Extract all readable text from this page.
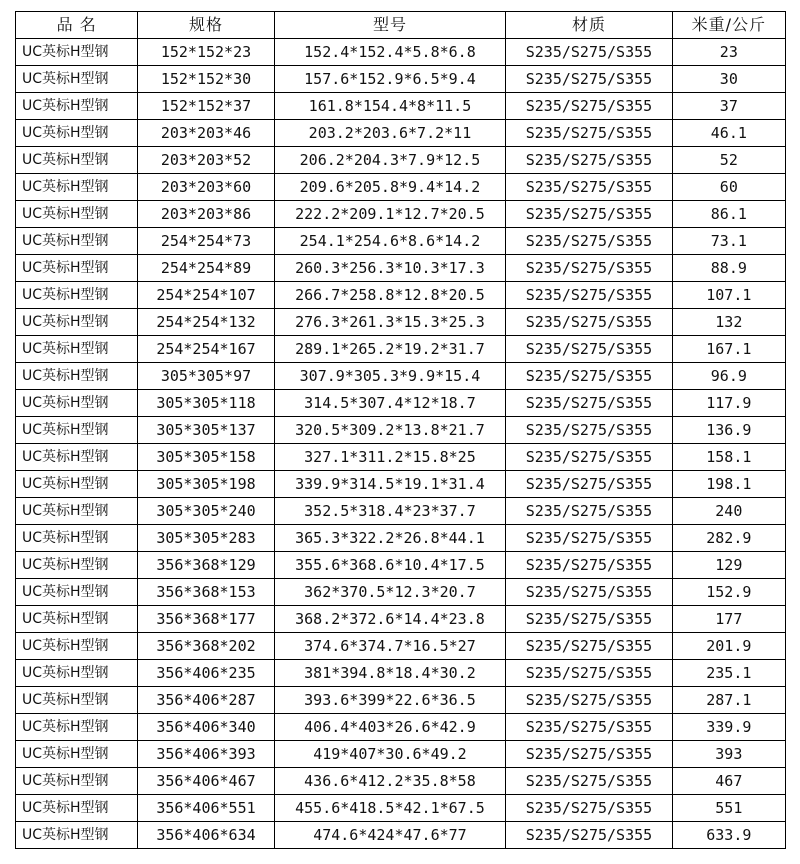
品 名	规格	型号	材质	米重/公斤
UC英标H型钢	152*152*23	152.4*152.4*5.8*6.8	S235/S275/S355	23
UC英标H型钢	152*152*30	157.6*152.9*6.5*9.4	S235/S275/S355	30
UC英标H型钢	152*152*37	161.8*154.4*8*11.5	S235/S275/S355	37
UC英标H型钢	203*203*46	203.2*203.6*7.2*11	S235/S275/S355	46.1
UC英标H型钢	203*203*52	206.2*204.3*7.9*12.5	S235/S275/S355	52
UC英标H型钢	203*203*60	209.6*205.8*9.4*14.2	S235/S275/S355	60
UC英标H型钢	203*203*86	222.2*209.1*12.7*20.5	S235/S275/S355	86.1
UC英标H型钢	254*254*73	254.1*254.6*8.6*14.2	S235/S275/S355	73.1
UC英标H型钢	254*254*89	260.3*256.3*10.3*17.3	S235/S275/S355	88.9
UC英标H型钢	254*254*107	266.7*258.8*12.8*20.5	S235/S275/S355	107.1
UC英标H型钢	254*254*132	276.3*261.3*15.3*25.3	S235/S275/S355	132
UC英标H型钢	254*254*167	289.1*265.2*19.2*31.7	S235/S275/S355	167.1
UC英标H型钢	305*305*97	307.9*305.3*9.9*15.4	S235/S275/S355	96.9
UC英标H型钢	305*305*118	314.5*307.4*12*18.7	S235/S275/S355	117.9
UC英标H型钢	305*305*137	320.5*309.2*13.8*21.7	S235/S275/S355	136.9
UC英标H型钢	305*305*158	327.1*311.2*15.8*25	S235/S275/S355	158.1
UC英标H型钢	305*305*198	339.9*314.5*19.1*31.4	S235/S275/S355	198.1
UC英标H型钢	305*305*240	352.5*318.4*23*37.7	S235/S275/S355	240
UC英标H型钢	305*305*283	365.3*322.2*26.8*44.1	S235/S275/S355	282.9
UC英标H型钢	356*368*129	355.6*368.6*10.4*17.5	S235/S275/S355	129
UC英标H型钢	356*368*153	362*370.5*12.3*20.7	S235/S275/S355	152.9
UC英标H型钢	356*368*177	368.2*372.6*14.4*23.8	S235/S275/S355	177
UC英标H型钢	356*368*202	374.6*374.7*16.5*27	S235/S275/S355	201.9
UC英标H型钢	356*406*235	381*394.8*18.4*30.2	S235/S275/S355	235.1
UC英标H型钢	356*406*287	393.6*399*22.6*36.5	S235/S275/S355	287.1
UC英标H型钢	356*406*340	406.4*403*26.6*42.9	S235/S275/S355	339.9
UC英标H型钢	356*406*393	419*407*30.6*49.2	S235/S275/S355	393
UC英标H型钢	356*406*467	436.6*412.2*35.8*58	S235/S275/S355	467
UC英标H型钢	356*406*551	455.6*418.5*42.1*67.5	S235/S275/S355	551
UC英标H型钢	356*406*634	474.6*424*47.6*77	S235/S275/S355	633.9
